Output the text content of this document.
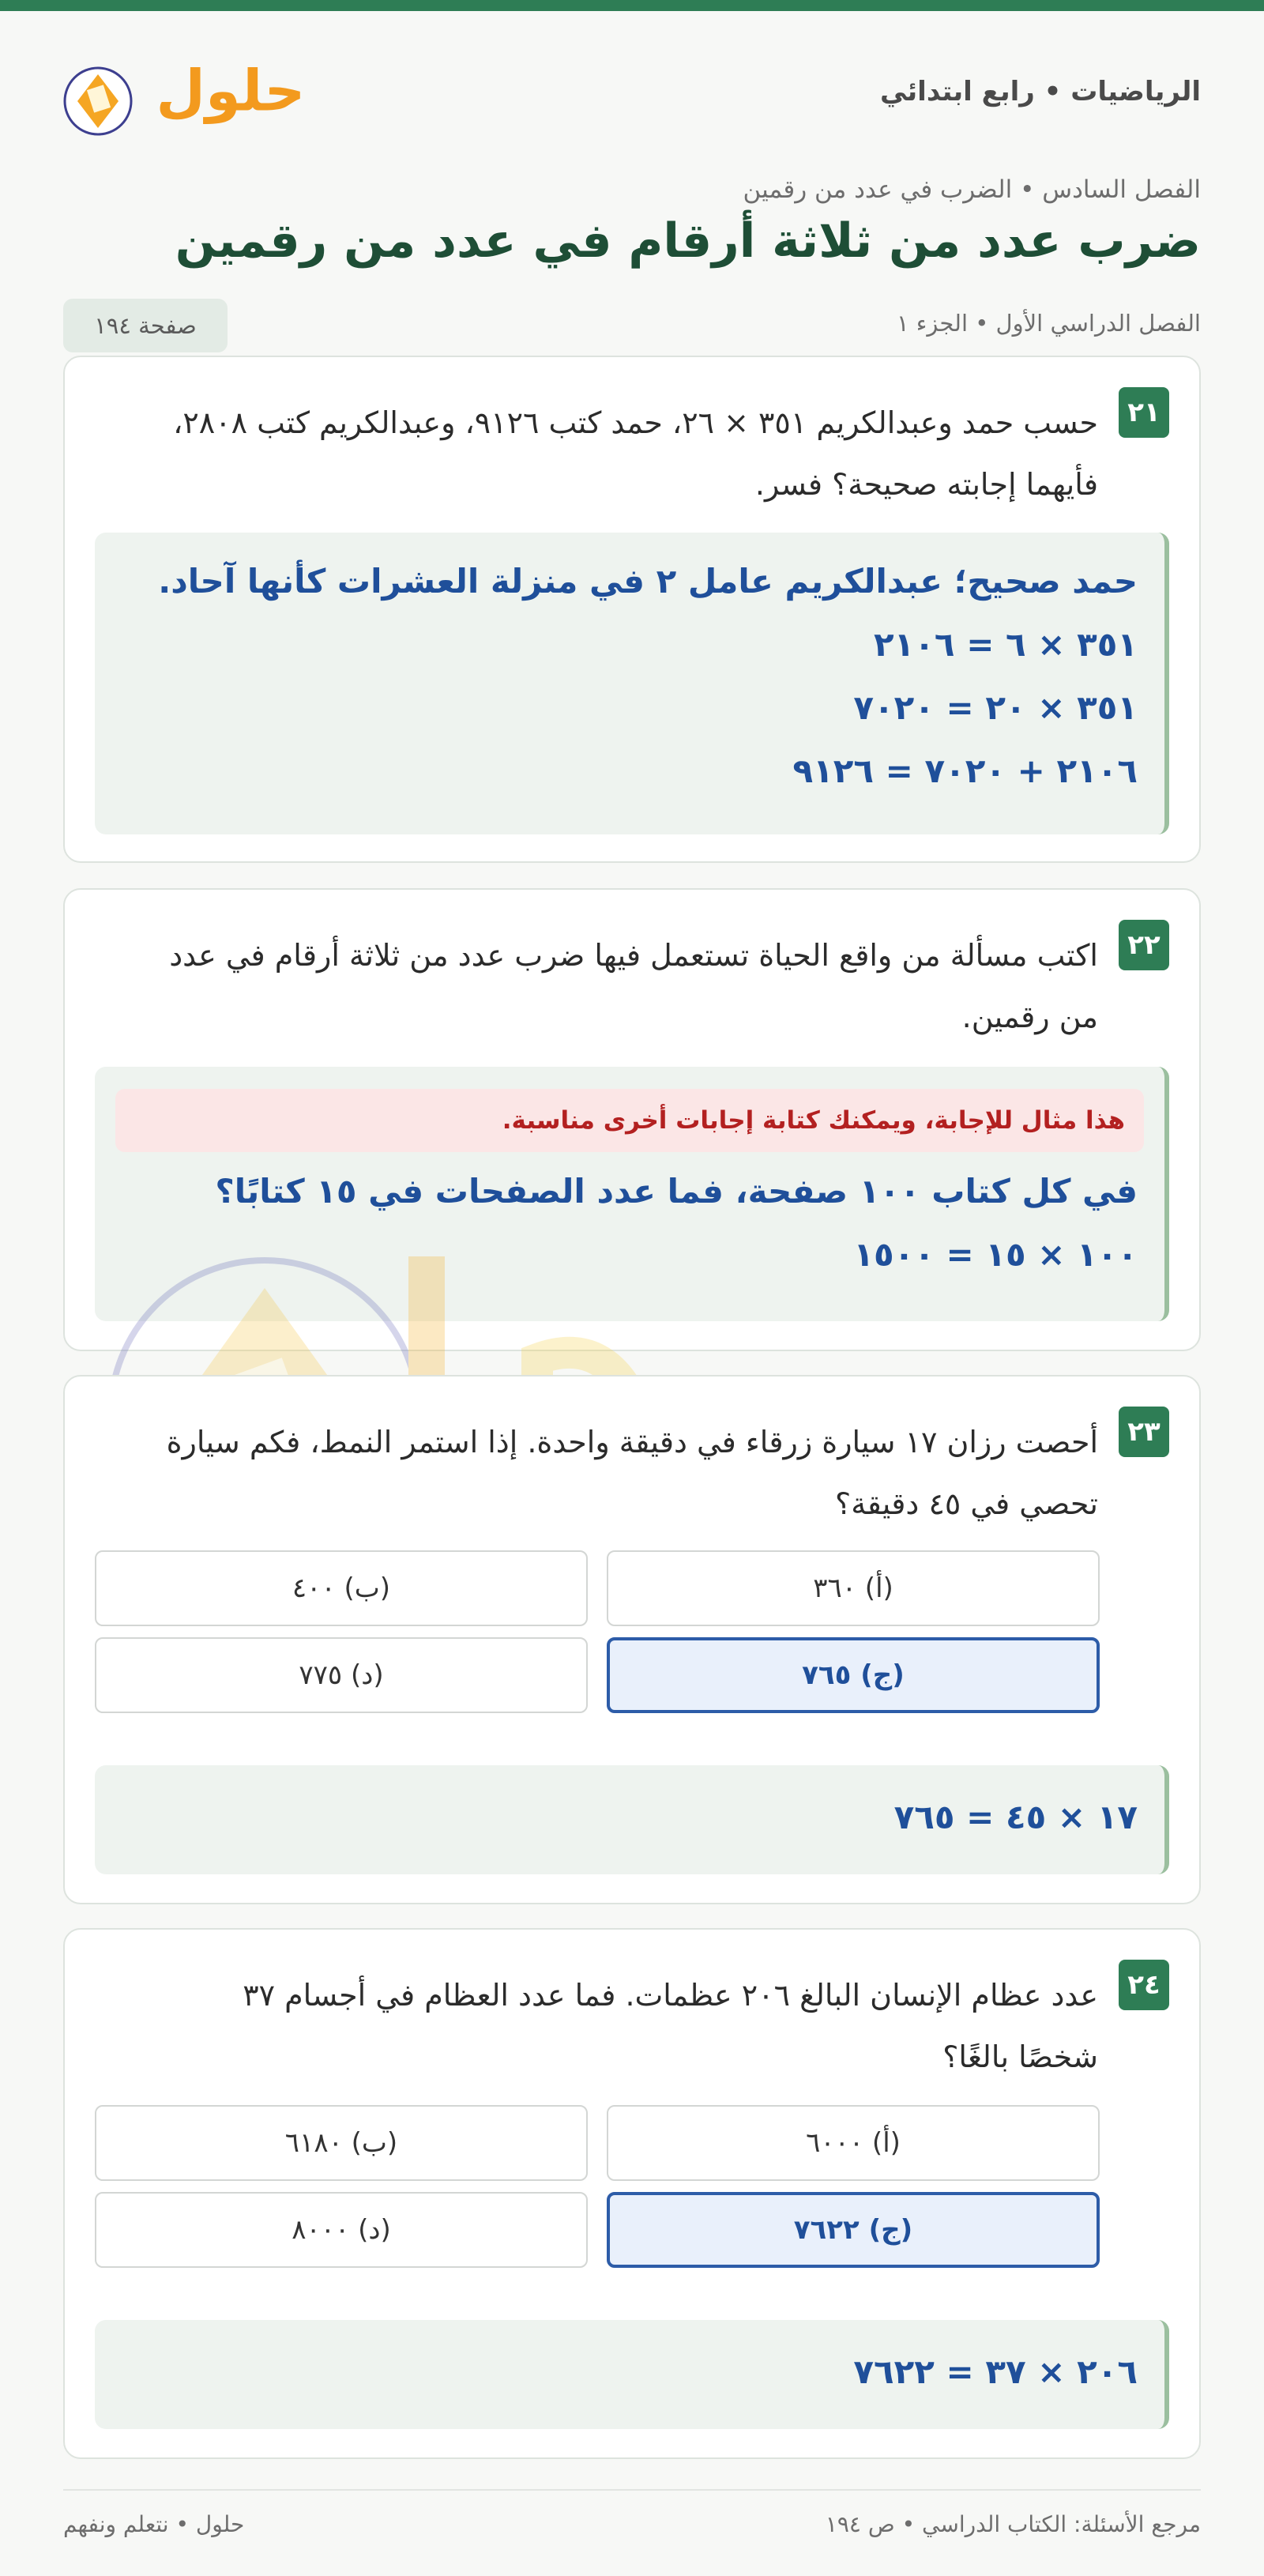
الرياضيات • رابع ابتدائي
حلول
الفصل السادس • الضرب في عدد من رقمين
ضرب عدد من ثلاثة أرقام في عدد من رقمين
الفصل الدراسي الأول • الجزء ١
صفحة ١٩٤
٢١
حسب حمد وعبدالكريم ٣٥١ × ٢٦، حمد كتب ٩١٢٦، وعبدالكريم كتب ٢٨٠٨، فأيهما إجابته صحيحة؟ فسر.
حمد صحيح؛ عبدالكريم عامل ٢ في منزلة العشرات كأنها آحاد.
٣٥١ × ٦ = ٢١٠٦
٣٥١ × ٢٠ = ٧٠٢٠
٢١٠٦ + ٧٠٢٠ = ٩١٢٦
٢٢
اكتب مسألة من واقع الحياة تستعمل فيها ضرب عدد من ثلاثة أرقام في عدد من رقمين.
هذا مثال للإجابة، ويمكنك كتابة إجابات أخرى مناسبة.
في كل كتاب ١٠٠ صفحة، فما عدد الصفحات في ١٥ كتابًا؟
١٠٠ × ١٥ = ١٥٠٠
٢٣
أحصت رزان ١٧ سيارة زرقاء في دقيقة واحدة. إذا استمر النمط، فكم سيارة تحصي في ٤٥ دقيقة؟
(أ) ٣٦٠
(ب) ٤٠٠
(ج) ٧٦٥
(د) ٧٧٥
١٧ × ٤٥ = ٧٦٥
٢٤
عدد عظام الإنسان البالغ ٢٠٦ عظمات. فما عدد العظام في أجسام ٣٧ شخصًا بالغًا؟
(أ) ٦٠٠٠
(ب) ٦١٨٠
(ج) ٧٦٢٢
(د) ٨٠٠٠
٢٠٦ × ٣٧ = ٧٦٢٢
مرجع الأسئلة: الكتاب الدراسي • ص ١٩٤
حلول • نتعلم ونفهم
